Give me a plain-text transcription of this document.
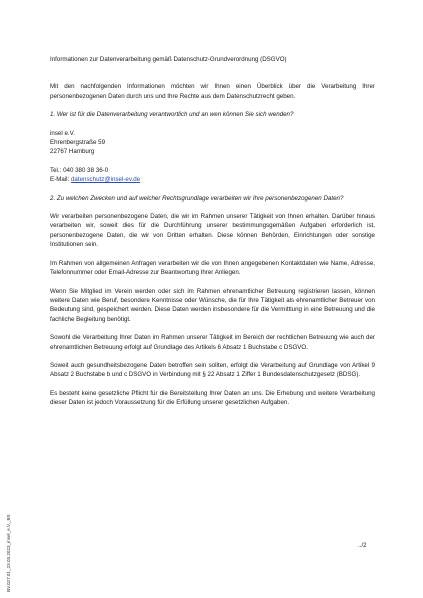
Informationen zur Datenverarbeitung gemäß Datenschutz-Grundverordnung (DSGVO)

Mit den nachfolgenden Informationen möchten wir Ihnen einen Überblick über die Verarbeitung Ihrer personenbezogenen Daten durch uns und Ihre Rechte aus dem Datenschutzrecht geben.

1. Wer ist für die Datenverarbeitung verantwortlich und an wen können Sie sich wenden?

insel e.V.
Ehrenbergstraße 59
22767 Hamburg
Tel.: 040 380 38 36-0
E-Mail: datenschutz@insel-ev.de

2. Zu welchen Zwecken und auf welcher Rechtsgrundlage verarbeiten wir Ihre personenbezogenen Daten?

Wir verarbeiten personenbezogene Daten, die wir im Rahmen unserer Tätigkeit von Ihnen erhalten. Darüber hinaus verarbeiten wir, soweit dies für die Durchführung unserer bestimmungsgemäßen Aufgaben erforderlich ist, personenbezogene Daten, die wir von Dritten erhalten. Diese können Behörden, Einrichtungen oder sonstige Institutionen sein.

Im Rahmen von allgemeinen Anfragen verarbeiten wir die von Ihnen angegebenen Kontaktdaten wie Name, Adresse, Telefonnummer oder Email-Adresse zur Beantwortung Ihrer Anliegen.

Wenn Sie Mitglied im Verein werden oder sich im Rahmen ehrenamtlicher Betreuung registrieren lassen, können weitere Daten wie Beruf, besondere Kenntnisse oder Wünsche, die für Ihre Tätigkeit als ehrenamtlicher Betreuer von Bedeutung sind, gespeichert werden. Diese Daten werden insbesondere für die Vermittlung in eine Betreuung und die fachliche Begleitung benötigt.

Sowohl die Verarbeitung Ihrer Daten im Rahmen unserer Tätigkeit im Bereich der rechtlichen Betreuung wie auch der ehrenamtlichen Betreuung erfolgt auf Grundlage des Artikels 6 Absatz 1 Buchstabe c DSGVO.

Soweit auch gesundheitsbezogene Daten betroffen sein sollten, erfolgt die Verarbeitung auf Grundlage von Artikel 9 Absatz 2 Buchstabe b und c DSGVO in Verbindung mit § 22 Absatz 1 Ziffer 1 Bundesdatenschutzgesetz (BDSG).

Es besteht keine gesetzliche Pflicht für die Bereitstellung Ihrer Daten an uns. Die Erhebung und weitere Verarbeitung dieser Daten ist jedoch Voraussetzung für die Erfüllung unserer gesetzlichen Aufgaben.

../2
BV.027.01_23.03.2023_insel_e.V._BS
